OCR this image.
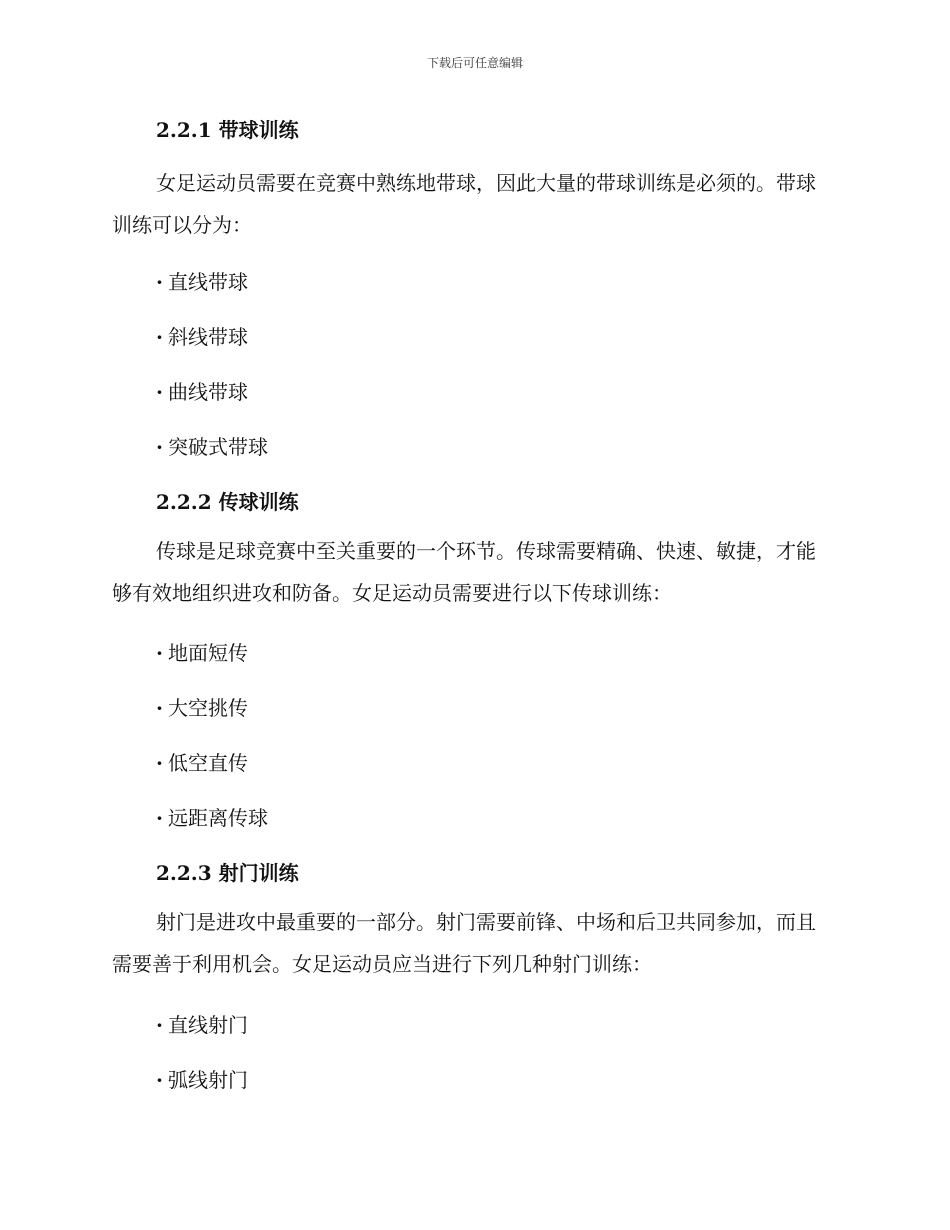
下载后可任意编辑
2.2.1 带球训练
女足运动员需要在竞赛中熟练地带球，因此大量的带球训练是必须的。带球训练可以分为：
· 直线带球
· 斜线带球
· 曲线带球
· 突破式带球
2.2.2 传球训练
传球是足球竞赛中至关重要的一个环节。传球需要精确、快速、敏捷，才能够有效地组织进攻和防备。女足运动员需要进行以下传球训练：
· 地面短传
· 大空挑传
· 低空直传
· 远距离传球
2.2.3 射门训练
射门是进攻中最重要的一部分。射门需要前锋、中场和后卫共同参加，而且需要善于利用机会。女足运动员应当进行下列几种射门训练：
· 直线射门
· 弧线射门
